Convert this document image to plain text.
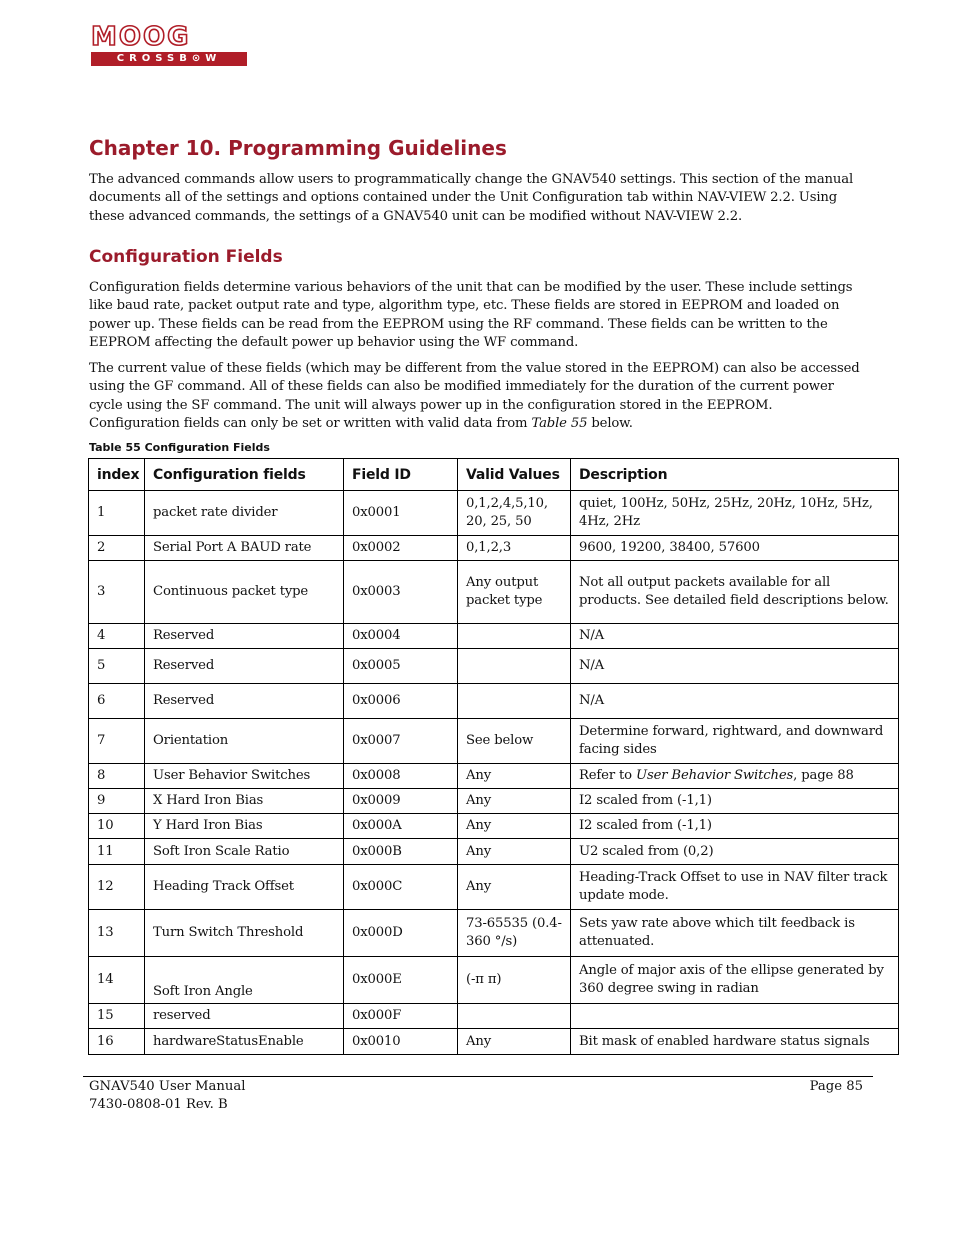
MOOG
CROSSB⊙W
Chapter 10. Programming Guidelines

The advanced commands allow users to programmatically change the GNAV540 settings. This section of the manual
documents all of the settings and options contained under the Unit Configuration tab within NAV-VIEW 2.2. Using
these advanced commands, the settings of a GNAV540 unit can be modified without NAV-VIEW 2.2.

Configuration Fields

Configuration fields determine various behaviors of the unit that can be modified by the user. These include settings
like baud rate, packet output rate and type, algorithm type, etc. These fields are stored in EEPROM and loaded on
power up. These fields can be read from the EEPROM using the RF command. These fields can be written to the
EEPROM affecting the default power up behavior using the WF command.

The current value of these fields (which may be different from the value stored in the EEPROM) can also be accessed
using the GF command. All of these fields can also be modified immediately for the duration of the current power
cycle using the SF command. The unit will always power up in the configuration stored in the EEPROM.
Configuration fields can only be set or written with valid data from Table 55 below.

Table 55 Configuration Fields

index	Configuration fields	Field ID	Valid Values	Description
1	packet rate divider	0x0001	0,1,2,4,5,10, 20, 25, 50	quiet, 100Hz, 50Hz, 25Hz, 20Hz, 10Hz, 5Hz, 4Hz, 2Hz
2	Serial Port A BAUD rate	0x0002	0,1,2,3	9600, 19200, 38400, 57600
3	Continuous packet type	0x0003	Any output packet type	Not all output packets available for all products. See detailed field descriptions below.
4	Reserved	0x0004		N/A
5	Reserved	0x0005		N/A
6	Reserved	0x0006		N/A
7	Orientation	0x0007	See below	Determine forward, rightward, and downward facing sides
8	User Behavior Switches	0x0008	Any	Refer to User Behavior Switches, page 88
9	X Hard Iron Bias	0x0009	Any	I2 scaled from (-1,1)
10	Y Hard Iron Bias	0x000A	Any	I2 scaled from (-1,1)
11	Soft Iron Scale Ratio	0x000B	Any	U2 scaled from (0,2)
12	Heading Track Offset	0x000C	Any	Heading-Track Offset to use in NAV filter track update mode.
13	Turn Switch Threshold	0x000D	73-65535 (0.4-360 °/s)	Sets yaw rate above which tilt feedback is attenuated.
14	Soft Iron Angle	0x000E	(-π π)	Angle of major axis of the ellipse generated by 360 degree swing in radian
15	reserved	0x000F		
16	hardwareStatusEnable	0x0010	Any	Bit mask of enabled hardware status signals

GNAV540 User Manual
7430-0808-01 Rev. B

Page 85
